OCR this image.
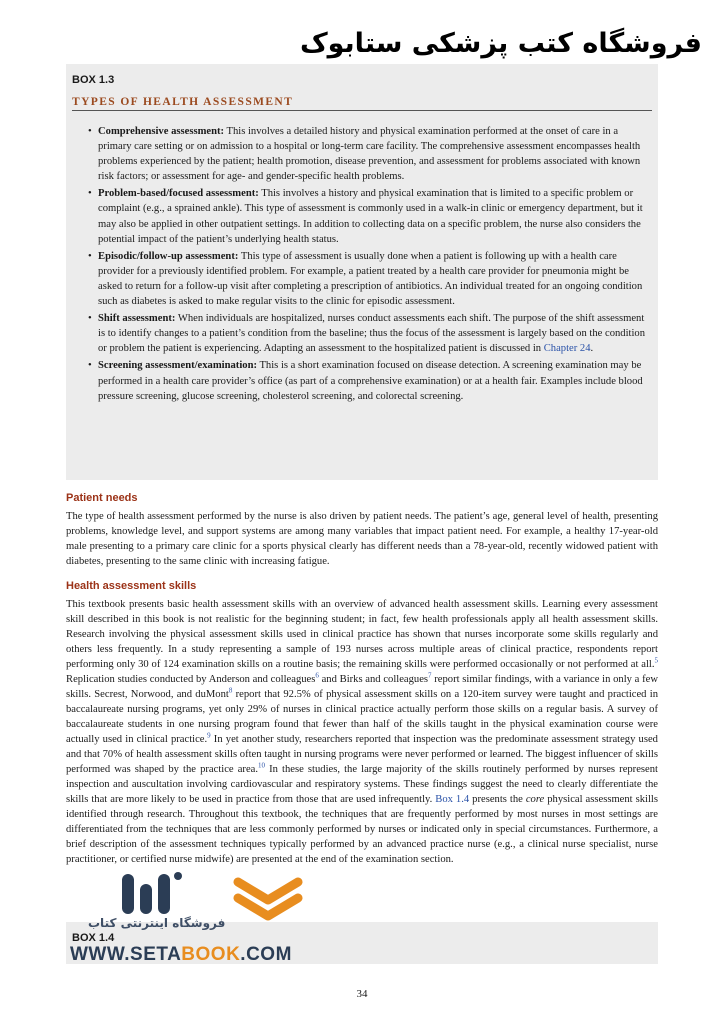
فروشگاه کتب پزشکی ستابوک
BOX 1.3
TYPES OF HEALTH ASSESSMENT
• Comprehensive assessment: This involves a detailed history and physical examination performed at the onset of care in a primary care setting or on admission to a hospital or long-term care facility. The comprehensive assessment encompasses health problems experienced by the patient; health promotion, disease prevention, and assessment for problems associated with known risk factors; or assessment for age- and gender-specific health problems.
• Problem-based/focused assessment: This involves a history and physical examination that is limited to a specific problem or complaint (e.g., a sprained ankle). This type of assessment is commonly used in a walk-in clinic or emergency department, but it may also be applied in other outpatient settings. In addition to collecting data on a specific problem, the nurse also considers the potential impact of the patient’s underlying health status.
• Episodic/follow-up assessment: This type of assessment is usually done when a patient is following up with a health care provider for a previously identified problem. For example, a patient treated by a health care provider for pneumonia might be asked to return for a follow-up visit after completing a prescription of antibiotics. An individual treated for an ongoing condition such as diabetes is asked to make regular visits to the clinic for episodic assessment.
• Shift assessment: When individuals are hospitalized, nurses conduct assessments each shift. The purpose of the shift assessment is to identify changes to a patient’s condition from the baseline; thus the focus of the assessment is largely based on the condition or problem the patient is experiencing. Adapting an assessment to the hospitalized patient is discussed in Chapter 24.
• Screening assessment/examination: This is a short examination focused on disease detection. A screening examination may be performed in a health care provider’s office (as part of a comprehensive examination) or at a health fair. Examples include blood pressure screening, glucose screening, cholesterol screening, and colorectal screening.
Patient needs

The type of health assessment performed by the nurse is also driven by patient needs. The patient’s age, general level of health, presenting problems, knowledge level, and support systems are among many variables that impact patient need. For example, a healthy 17-year-old male presenting to a primary care clinic for a sports physical clearly has different needs than a 78-year-old, recently widowed patient with diabetes, presenting to the same clinic with increasing fatigue.

Health assessment skills

This textbook presents basic health assessment skills with an overview of advanced health assessment skills. Learning every assessment skill described in this book is not realistic for the beginning student; in fact, few health professionals apply all health assessment skills. Research involving the physical assessment skills used in clinical practice has shown that nurses incorporate some skills regularly and others less frequently. In a study representing a sample of 193 nurses across multiple areas of clinical practice, respondents report performing only 30 of 124 examination skills on a routine basis; the remaining skills were performed occasionally or not performed at all.$^5$ Replication studies conducted by Anderson and colleagues$^6$ and Birks and colleagues$^7$ report similar findings, with a variance in only a few skills. Secrest, Norwood, and duMont$^8$ report that 92.5% of physical assessment skills on a 120-item survey were taught and practiced in baccalaureate nursing programs, yet only 29% of nurses in clinical practice actually perform those skills on a regular basis. A survey of baccalaureate students in one nursing program found that fewer than half of the skills taught in the physical examination course were actually used in clinical practice.$^9$ In yet another study, researchers reported that inspection was the predominate assessment strategy used and that 70% of health assessment skills often taught in nursing programs were never performed or learned. The biggest influencer of skills performed was shaped by the practice area.$^{10}$ In these studies, the large majority of the skills routinely performed by nurses represent inspection and auscultation involving cardiovascular and respiratory systems. These findings suggest the need to clearly differentiate the skills that are more likely to be used in practice from those that are used infrequently. Box 1.4 presents the core physical assessment skills identified through research. Throughout this textbook, the techniques that are frequently performed by most nurses in most settings are differentiated from the techniques that are less commonly performed by nurses or indicated only in special circumstances. Furthermore, a brief description of the assessment techniques typically performed by an advanced practice nurse (e.g., a clinical nurse specialist, nurse practitioner, or certified nurse midwife) are presented at the end of the examination section.

BOX 1.4
فروشگاه اینترنتی کتاب
WWW.SETABOOK.COM
34
